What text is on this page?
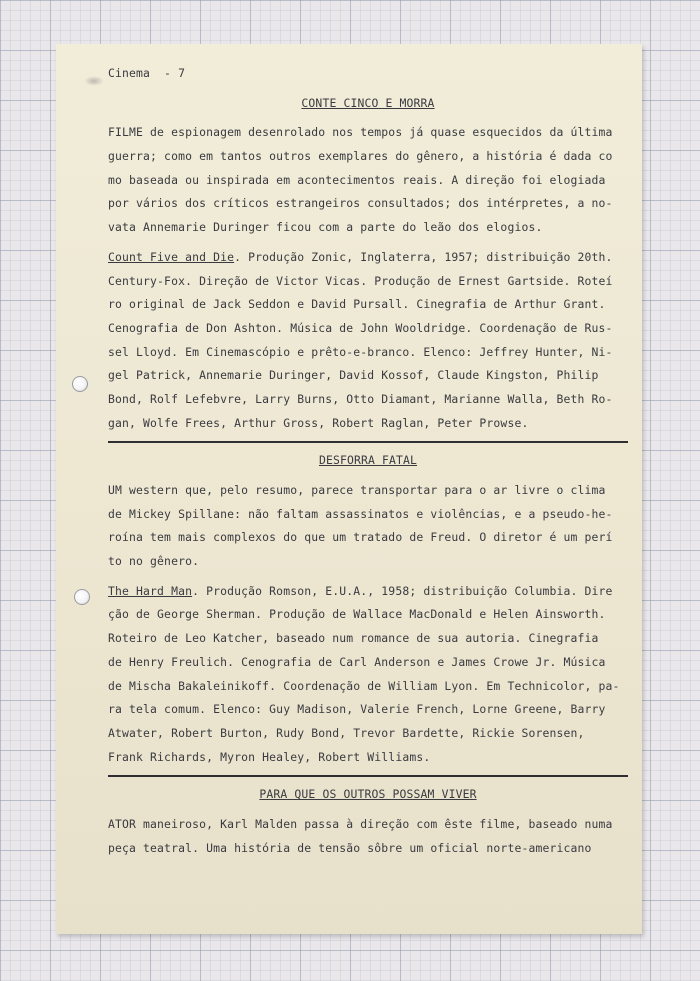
Cinema  - 7
CONTE CINCO E MORRA
FILME de espionagem desenrolado nos tempos já quase esquecidos da última
guerra; como em tantos outros exemplares do gênero, a história é dada co
mo baseada ou inspirada em acontecimentos reais. A direção foi elogiada
por vários dos críticos estrangeiros consultados; dos intérpretes, a no-
vata Annemarie Duringer ficou com a parte do leão dos elogios.
Count Five and Die. Produção Zonic, Inglaterra, 1957; distribuição 20th.
Century-Fox. Direção de Victor Vicas. Produção de Ernest Gartside. Roteí
ro original de Jack Seddon e David Pursall. Cinegrafia de Arthur Grant.
Cenografia de Don Ashton. Música de John Wooldridge. Coordenação de Rus-
sel Lloyd. Em Cinemascópio e prêto-e-branco. Elenco: Jeffrey Hunter, Ni-
gel Patrick, Annemarie Duringer, David Kossof, Claude Kingston, Philip
Bond, Rolf Lefebvre, Larry Burns, Otto Diamant, Marianne Walla, Beth Ro-
gan, Wolfe Frees, Arthur Gross, Robert Raglan, Peter Prowse.
DESFORRA FATAL
UM western que, pelo resumo, parece transportar para o ar livre o clima
de Mickey Spillane: não faltam assassinatos e violências, e a pseudo-he-
roína tem mais complexos do que um tratado de Freud. O diretor é um perí
to no gênero.
The Hard Man. Produção Romson, E.U.A., 1958; distribuição Columbia. Dire
ção de George Sherman. Produção de Wallace MacDonald e Helen Ainsworth.
Roteiro de Leo Katcher, baseado num romance de sua autoria. Cinegrafia
de Henry Freulich. Cenografia de Carl Anderson e James Crowe Jr. Música
de Mischa Bakaleinikoff. Coordenação de William Lyon. Em Technicolor, pa-
ra tela comum. Elenco: Guy Madison, Valerie French, Lorne Greene, Barry
Atwater, Robert Burton, Rudy Bond, Trevor Bardette, Rickie Sorensen,
Frank Richards, Myron Healey, Robert Williams.
PARA QUE OS OUTROS POSSAM VIVER
ATOR maneiroso, Karl Malden passa à direção com êste filme, baseado numa
peça teatral. Uma história de tensão sôbre um oficial norte-americano
